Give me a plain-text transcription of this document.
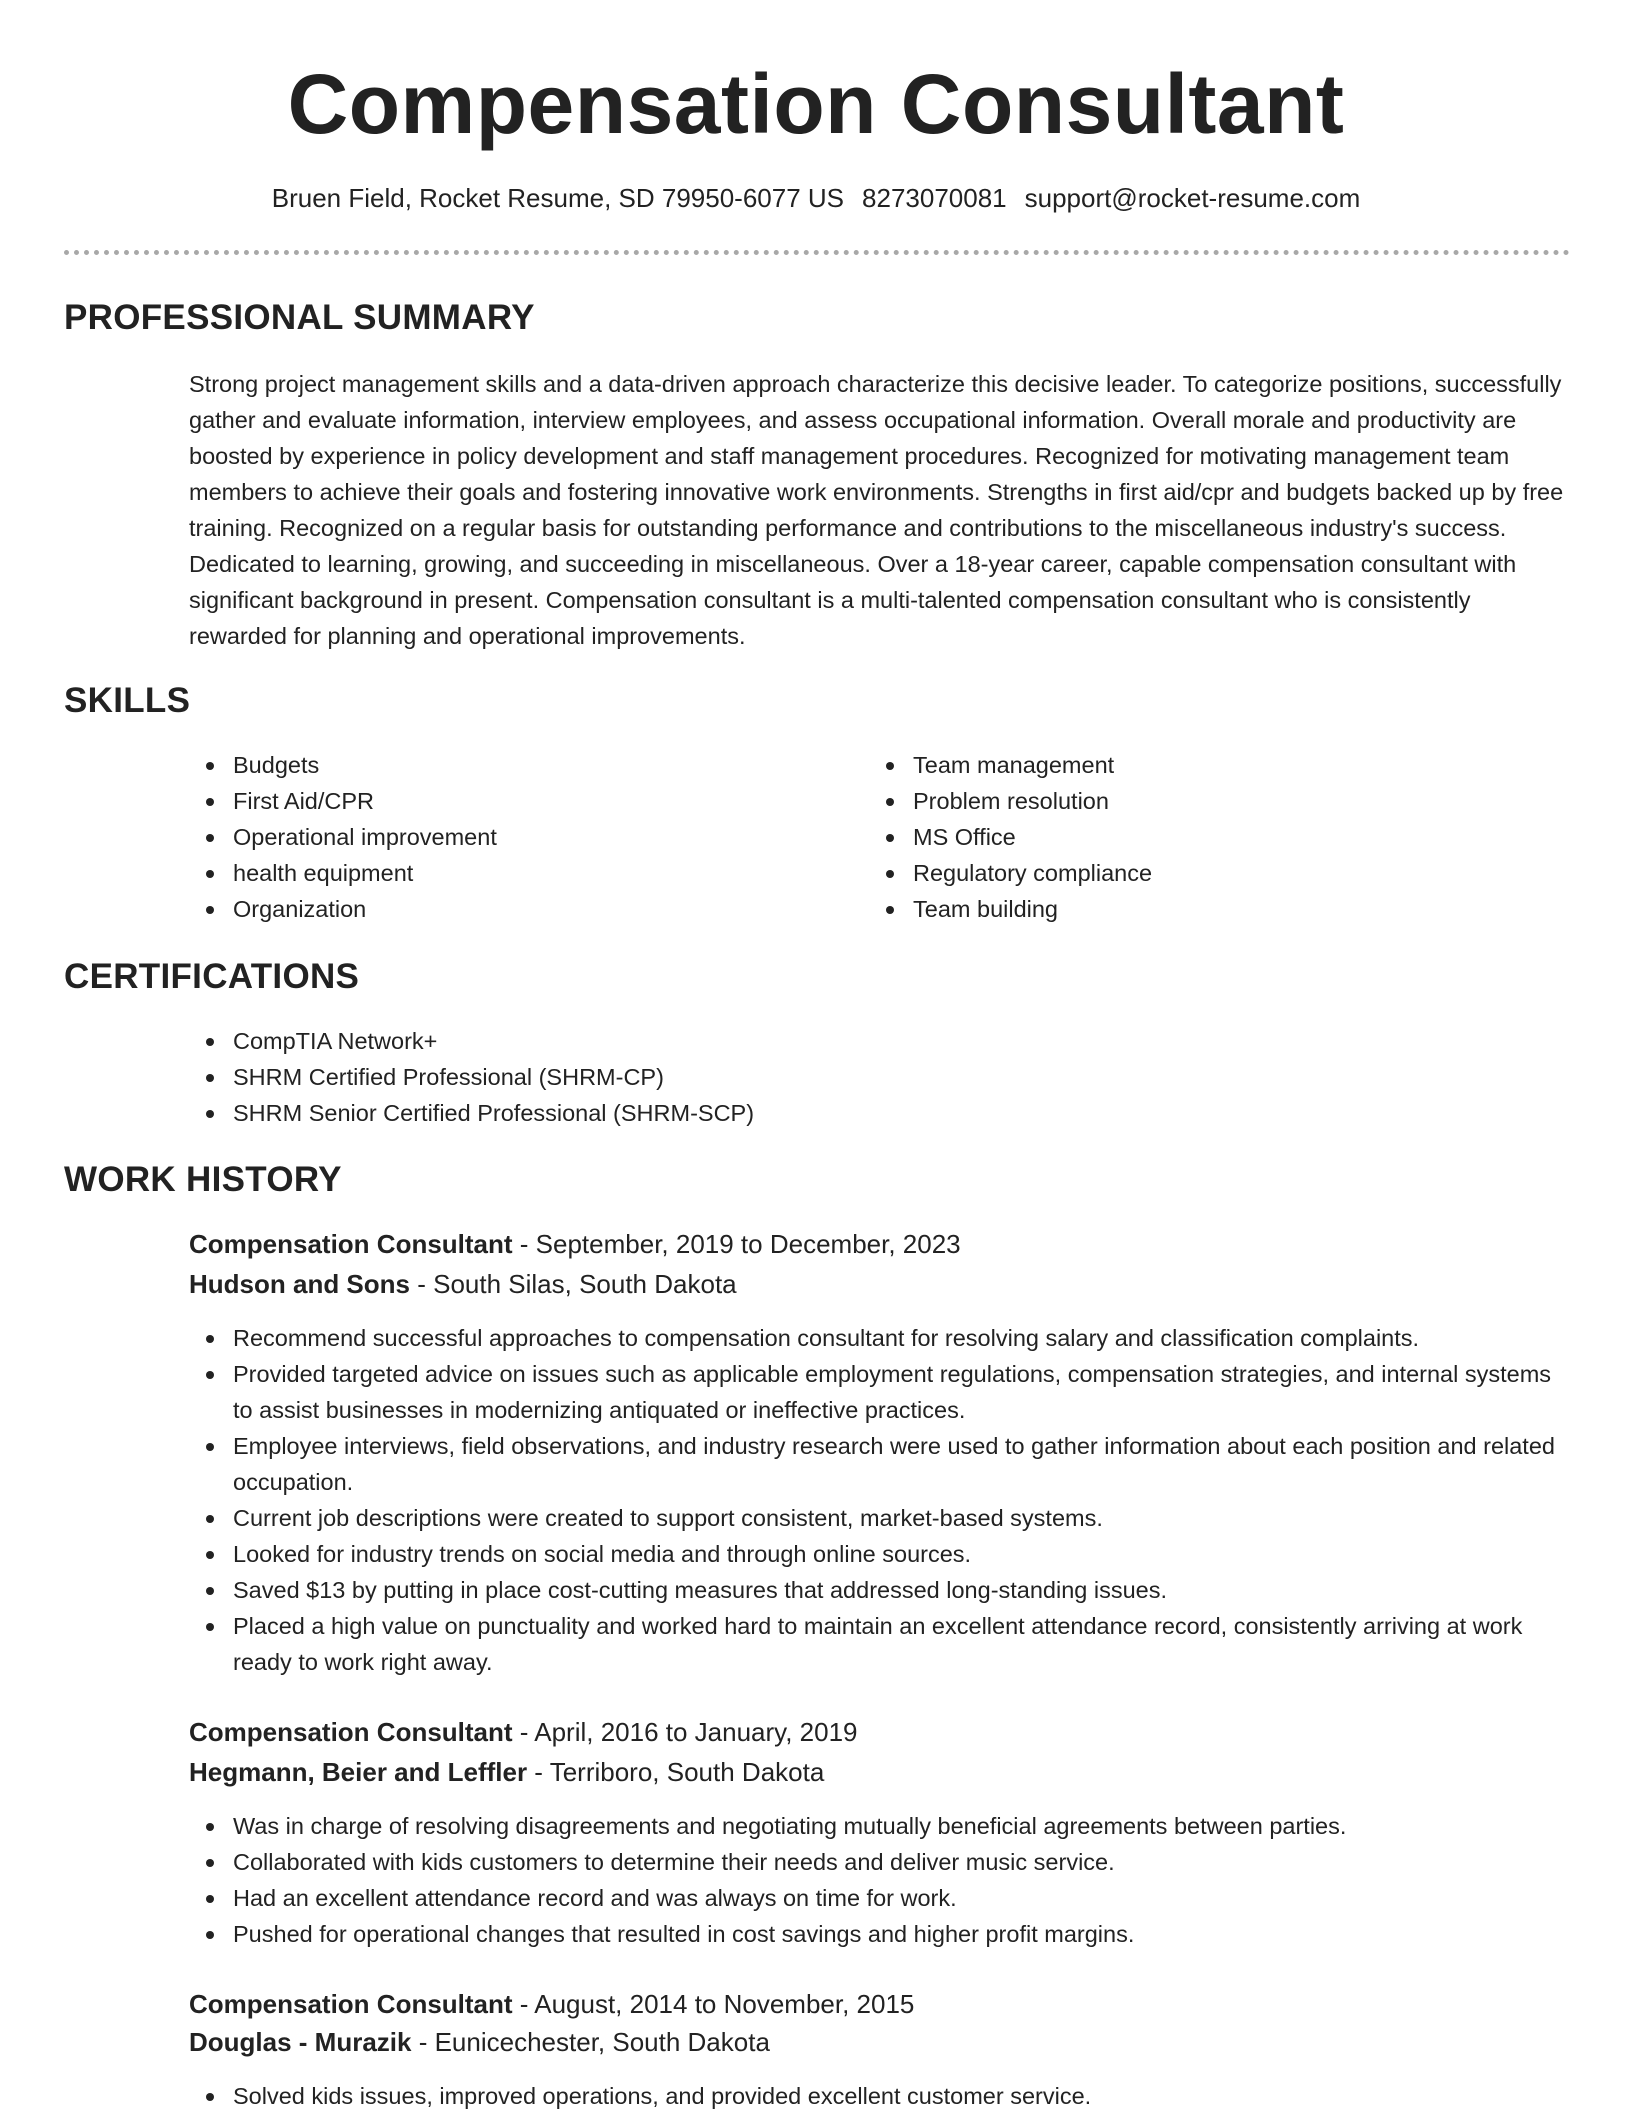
Compensation Consultant
Bruen Field, Rocket Resume, SD 79950-6077 US 8273070081 support@rocket-resume.com
PROFESSIONAL SUMMARY

Strong project management skills and a data-driven approach characterize this decisive leader. To categorize positions, successfully gather and evaluate information, interview employees, and assess occupational information. Overall morale and productivity are boosted by experience in policy development and staff management procedures. Recognized for motivating management team members to achieve their goals and fostering innovative work environments. Strengths in first aid/cpr and budgets backed up by free training. Recognized on a regular basis for outstanding performance and contributions to the miscellaneous industry's success. Dedicated to learning, growing, and succeeding in miscellaneous. Over a 18-year career, capable compensation consultant with significant background in present. Compensation consultant is a multi-talented compensation consultant who is consistently rewarded for planning and operational improvements.

SKILLS
Budgets
First Aid/CPR
Operational improvement
health equipment
Organization
Team management
Problem resolution
MS Office
Regulatory compliance
Team building
CERTIFICATIONS
CompTIA Network+
SHRM Certified Professional (SHRM-CP)
SHRM Senior Certified Professional (SHRM-SCP)
WORK HISTORY
Compensation Consultant - September, 2019 to December, 2023
Hudson and Sons - South Silas, South Dakota
Recommend successful approaches to compensation consultant for resolving salary and classification complaints.
Provided targeted advice on issues such as applicable employment regulations, compensation strategies, and internal systems to assist businesses in modernizing antiquated or ineffective practices.
Employee interviews, field observations, and industry research were used to gather information about each position and related occupation.
Current job descriptions were created to support consistent, market-based systems.
Looked for industry trends on social media and through online sources.
Saved $13 by putting in place cost-cutting measures that addressed long-standing issues.
Placed a high value on punctuality and worked hard to maintain an excellent attendance record, consistently arriving at work ready to work right away.
Compensation Consultant - April, 2016 to January, 2019
Hegmann, Beier and Leffler - Terriboro, South Dakota
Was in charge of resolving disagreements and negotiating mutually beneficial agreements between parties.
Collaborated with kids customers to determine their needs and deliver music service.
Had an excellent attendance record and was always on time for work.
Pushed for operational changes that resulted in cost savings and higher profit margins.
Compensation Consultant - August, 2014 to November, 2015
Douglas - Murazik - Eunicechester, South Dakota
Solved kids issues, improved operations, and provided excellent customer service.
